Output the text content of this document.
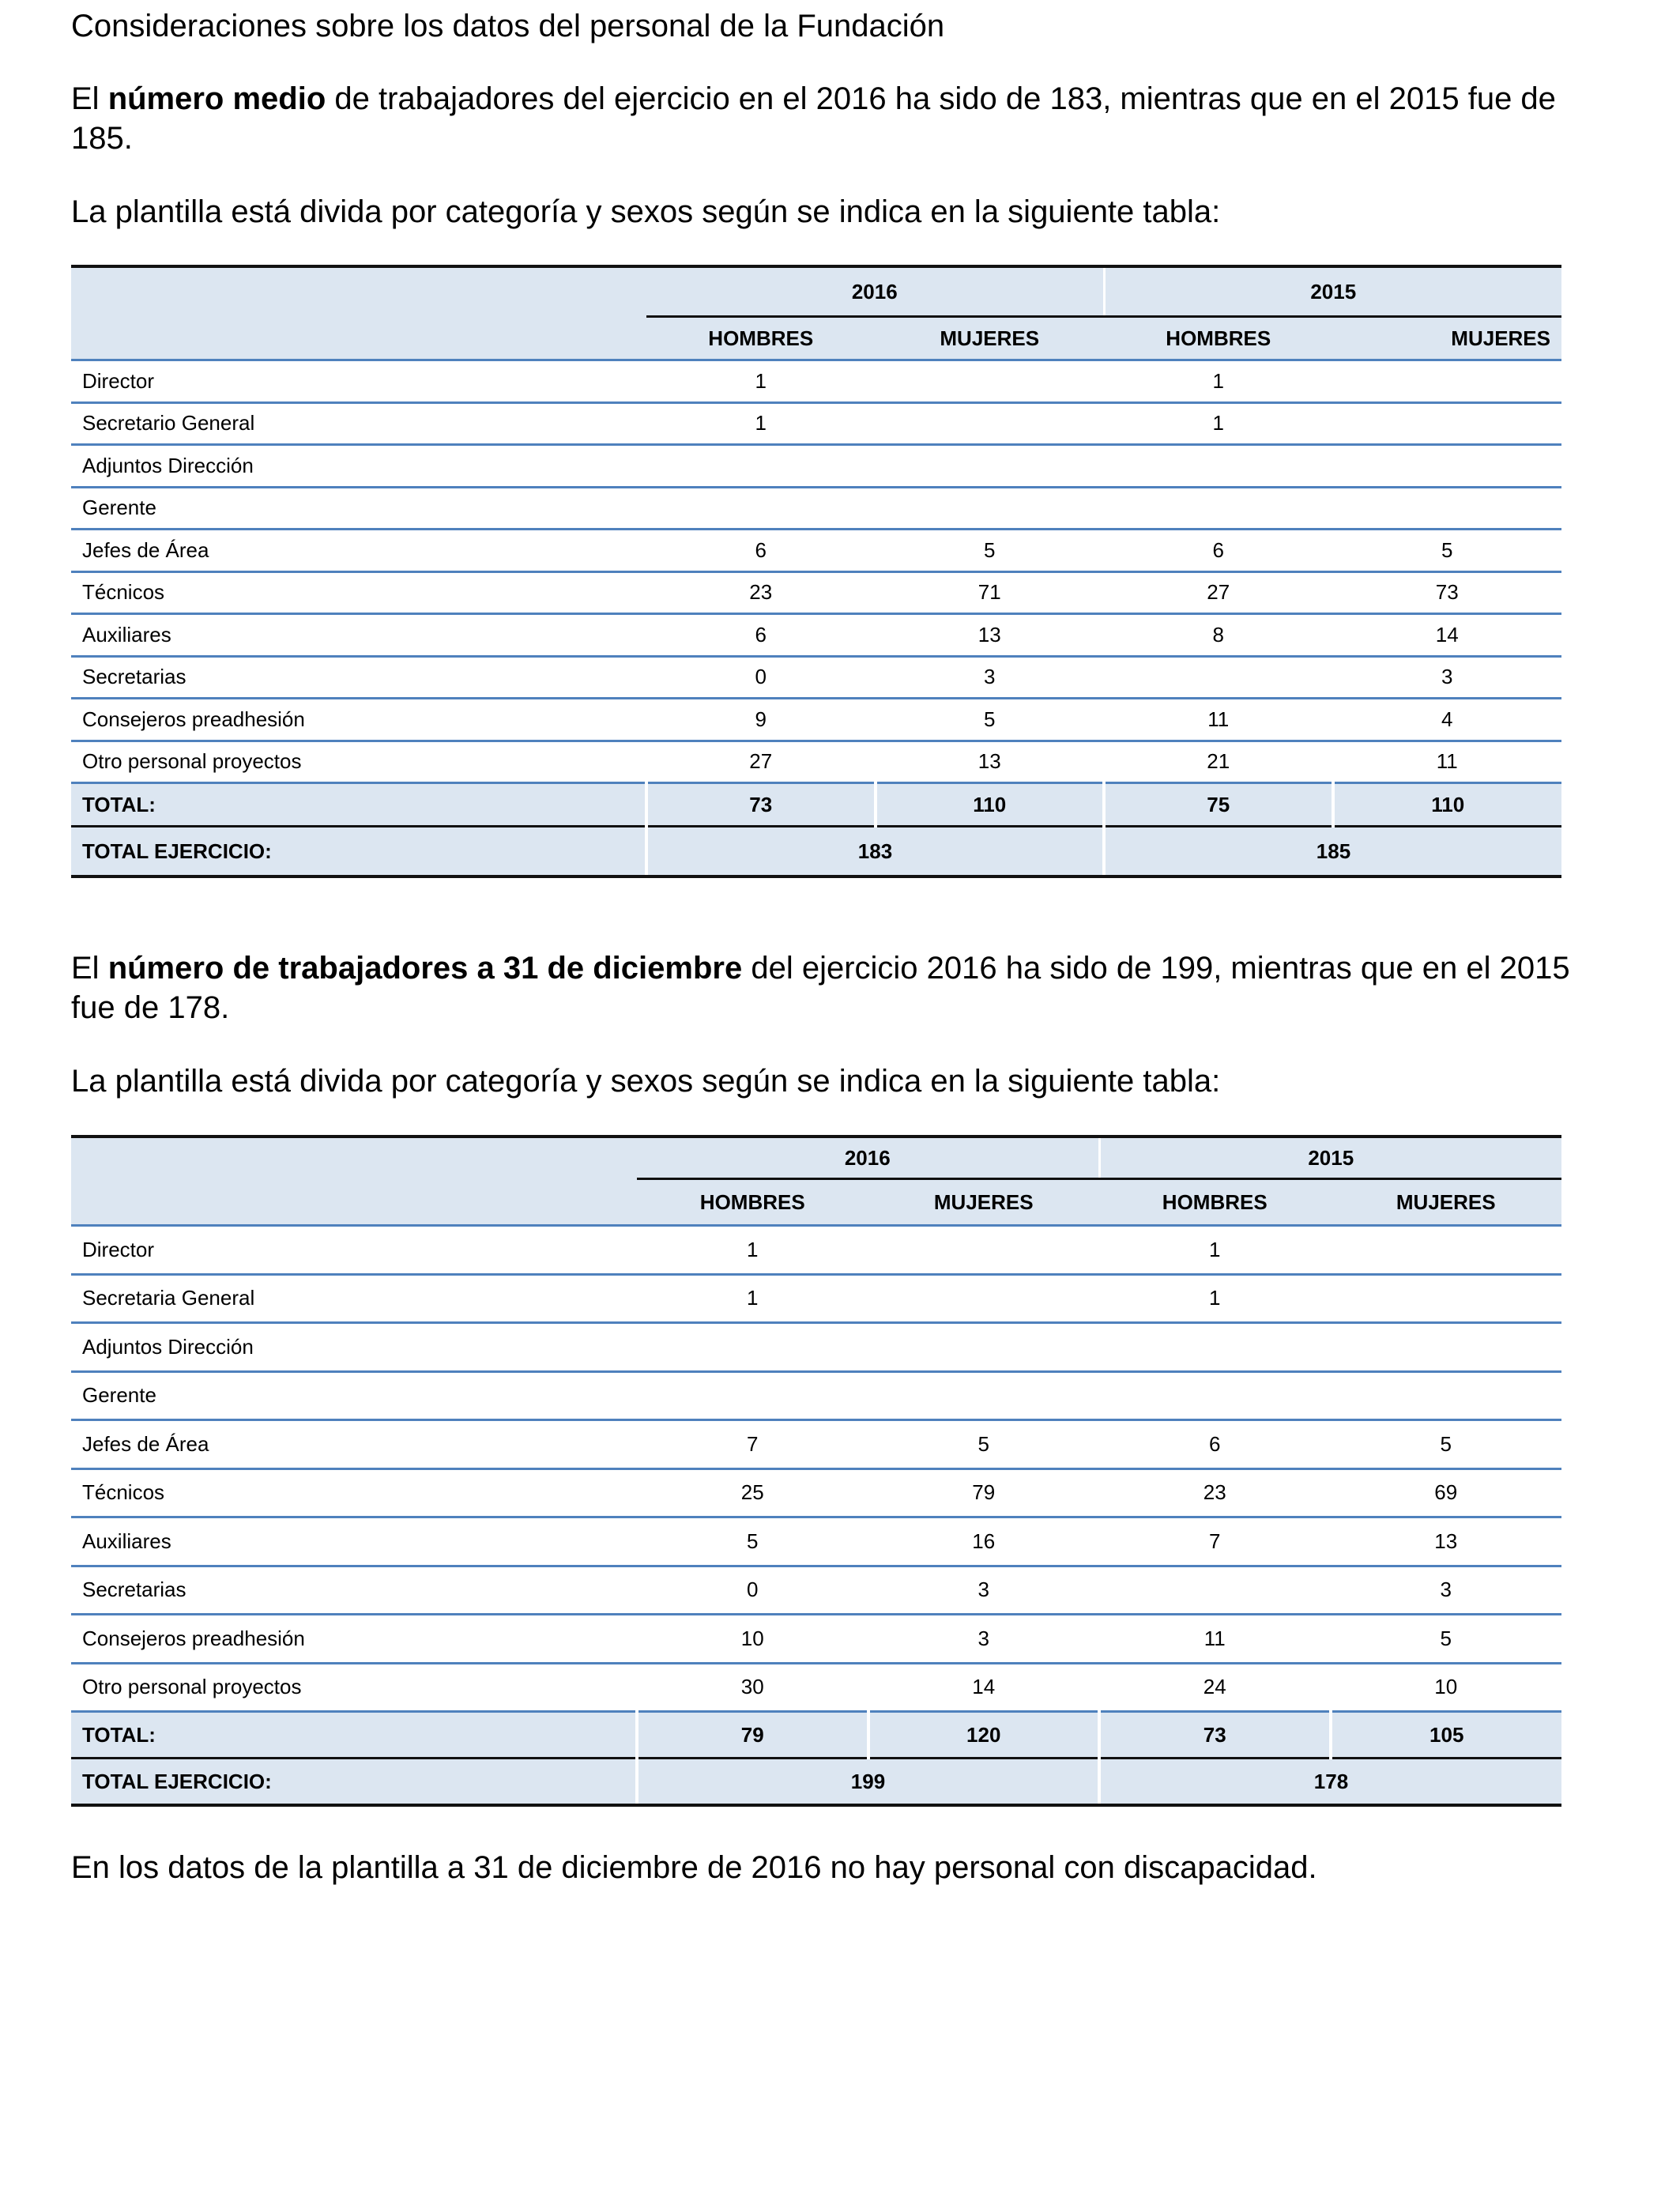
Consideraciones sobre los datos del personal de la Fundación

El número medio de trabajadores del ejercicio en el 2016 ha sido de 183, mientras que en el 2015 fue de 185.

La plantilla está divida por categoría y sexos según se indica en la siguiente tabla:

	2016		2015	
	HOMBRES	MUJERES	HOMBRES	MUJERES
Director	1		1	
Secretario General	1		1	
Adjuntos Dirección				
Gerente				
Jefes de Área	6	5	6	5
Técnicos	23	71	27	73
Auxiliares	6	13	8	14
Secretarias	0	3		3
Consejeros preadhesión	9	5	11	4
Otro personal proyectos	27	13	21	11
TOTAL:	73	110	75	110
TOTAL EJERCICIO:	183		185	

El número de trabajadores a 31 de diciembre del ejercicio 2016 ha sido de 199, mientras que en el 2015 fue de 178.

La plantilla está divida por categoría y sexos según se indica en la siguiente tabla:

	2016		2015	
	HOMBRES	MUJERES	HOMBRES	MUJERES
Director	1		1	
Secretaria General	1		1	
Adjuntos Dirección				
Gerente				
Jefes de Área	7	5	6	5
Técnicos	25	79	23	69
Auxiliares	5	16	7	13
Secretarias	0	3		3
Consejeros preadhesión	10	3	11	5
Otro personal proyectos	30	14	24	10
TOTAL:	79	120	73	105
TOTAL EJERCICIO:	199		178	

En los datos de la plantilla a 31 de diciembre de 2016 no hay personal con discapacidad.
